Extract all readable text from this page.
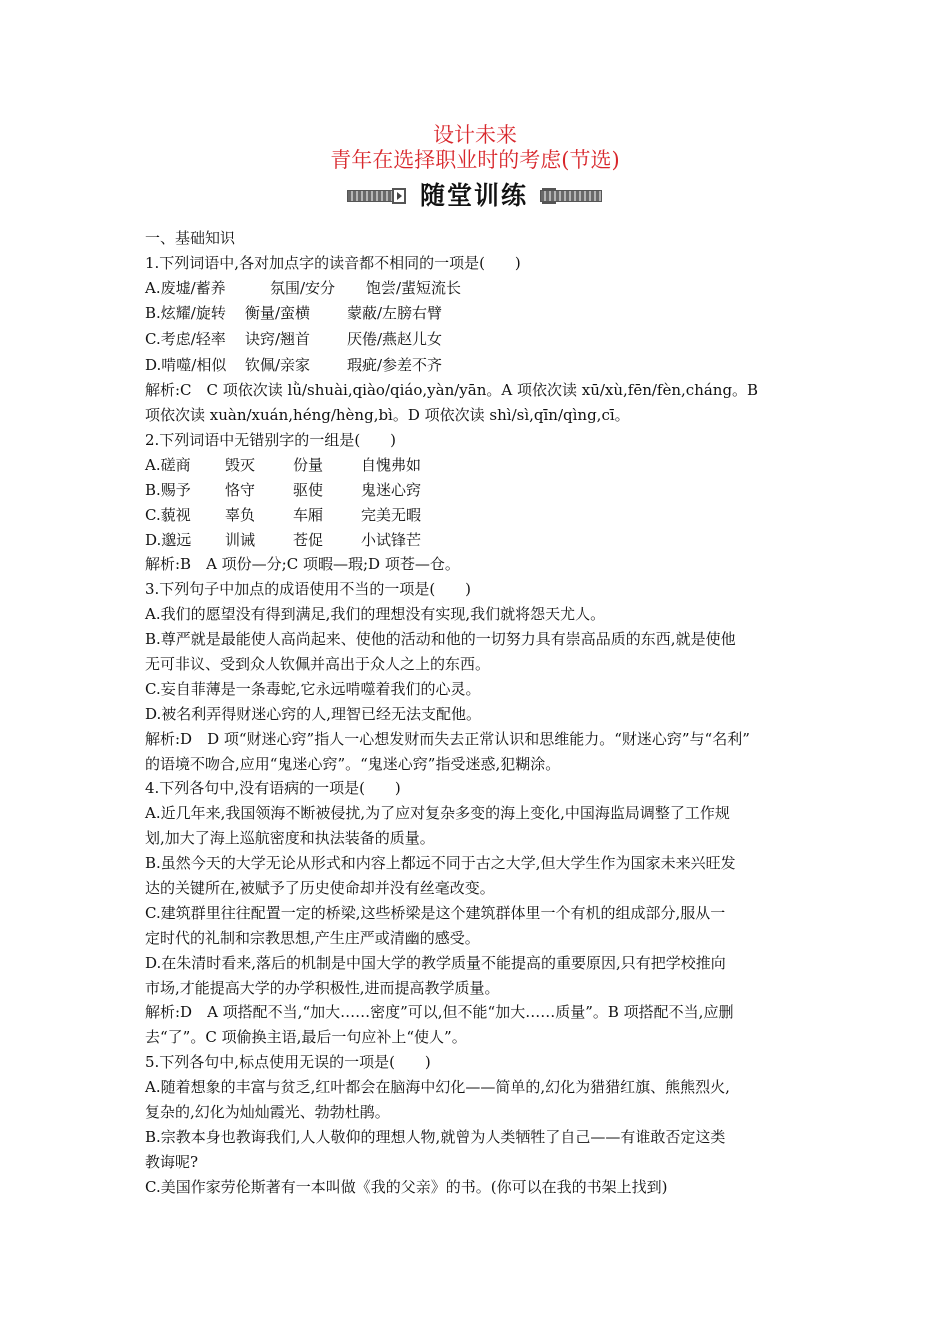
设计未来
青年在选择职业时的考虑(节选)
随堂训练
一、基础知识
1.下列词语中,各对加点字的读音都不相同的一项是(　　)
A.废墟/蓄养	氛围/安分 饱尝/蜚短流长
B.炫耀/旋转 衡量/蛮横 蒙蔽/左膀右臂
C.考虑/轻率 诀窍/翘首 厌倦/燕赵儿女
D.啃噬/相似 钦佩/亲家 瑕疵/参差不齐
解析:C　C 项依次读 lǜ/shuài,qiào/qiáo,yàn/yān。A 项依次读 xū/xù,fēn/fèn,cháng。B
项依次读 xuàn/xuán,héng/hèng,bì。D 项依次读 shì/sì,qīn/qìng,cī。
2.下列词语中无错别字的一组是(　　)
A.磋商 毁灭	份量	自愧弗如
B.赐予 恪守	驱使	鬼迷心窍
C.藐视 辜负	车厢	完美无暇
D.邈远 训诫	苍促	小试锋芒
解析:B　A 项份—分;C 项暇—瑕;D 项苍—仓。
3.下列句子中加点的成语使用不当的一项是(　　)
A.我们的愿望没有得到满足,我们的理想没有实现,我们就将怨天尤人。
B.尊严就是最能使人高尚起来、使他的活动和他的一切努力具有崇高品质的东西,就是使他
无可非议、受到众人钦佩并高出于众人之上的东西。
C.妄自菲薄是一条毒蛇,它永远啃噬着我们的心灵。
D.被名利弄得财迷心窍的人,理智已经无法支配他。
解析:D　D 项“财迷心窍”指人一心想发财而失去正常认识和思维能力。“财迷心窍”与“名利”
的语境不吻合,应用“鬼迷心窍”。“鬼迷心窍”指受迷惑,犯糊涂。
4.下列各句中,没有语病的一项是(　　)
A.近几年来,我国领海不断被侵扰,为了应对复杂多变的海上变化,中国海监局调整了工作规
划,加大了海上巡航密度和执法装备的质量。
B.虽然今天的大学无论从形式和内容上都远不同于古之大学,但大学生作为国家未来兴旺发
达的关键所在,被赋予了历史使命却并没有丝毫改变。
C.建筑群里往往配置一定的桥梁,这些桥梁是这个建筑群体里一个有机的组成部分,服从一
定时代的礼制和宗教思想,产生庄严或清幽的感受。
D.在朱清时看来,落后的机制是中国大学的教学质量不能提高的重要原因,只有把学校推向
市场,才能提高大学的办学积极性,进而提高教学质量。
解析:D　A 项搭配不当,“加大……密度”可以,但不能“加大……质量”。B 项搭配不当,应删
去“了”。C 项偷换主语,最后一句应补上“使人”。
5.下列各句中,标点使用无误的一项是(　　)
A.随着想象的丰富与贫乏,红叶都会在脑海中幻化——简单的,幻化为猎猎红旗、熊熊烈火,
复杂的,幻化为灿灿霞光、勃勃杜鹃。
B.宗教本身也教诲我们,人人敬仰的理想人物,就曾为人类牺牲了自己——有谁敢否定这类
教诲呢?
C.美国作家劳伦斯著有一本叫做《我的父亲》的书。(你可以在我的书架上找到)
